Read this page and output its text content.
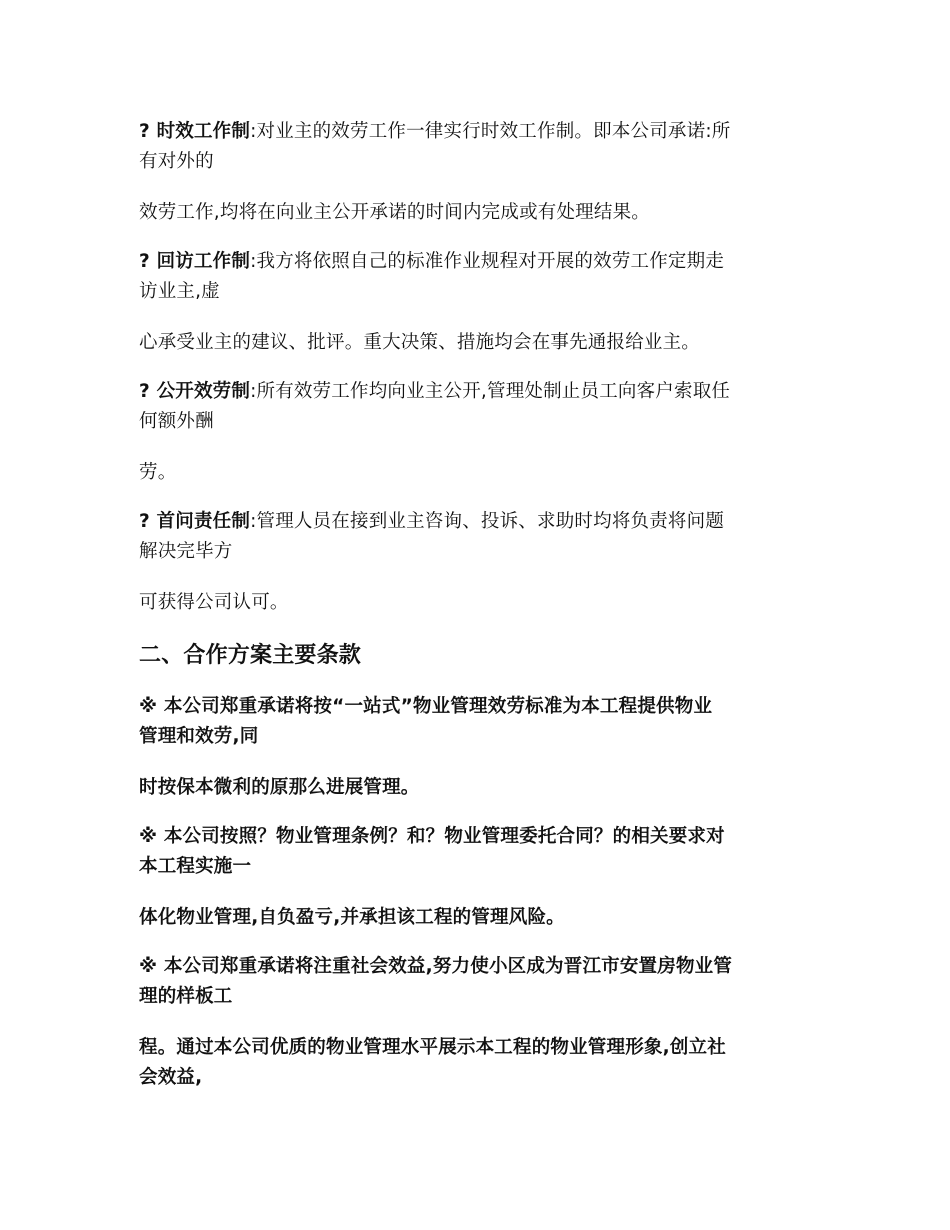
? 时效工作制:对业主的效劳工作一律实行时效工作制。即本公司承诺:所
有对外的
效劳工作,均将在向业主公开承诺的时间内完成或有处理结果。
? 回访工作制:我方将依照自己的标准作业规程对开展的效劳工作定期走
访业主,虚
心承受业主的建议、批评。重大决策、措施均会在事先通报给业主。
? 公开效劳制:所有效劳工作均向业主公开,管理处制止员工向客户索取任
何额外酬
劳。
? 首问责任制:管理人员在接到业主咨询、投诉、求助时均将负责将问题
解决完毕方
可获得公司认可。
二、合作方案主要条款
※ 本公司郑重承诺将按“一站式”物业管理效劳标准为本工程提供物业
管理和效劳,同
时按保本微利的原那么进展管理。
※ 本公司按照？物业管理条例？和？物业管理委托合同？的相关要求对
本工程实施一
体化物业管理,自负盈亏,并承担该工程的管理风险。
※ 本公司郑重承诺将注重社会效益,努力使小区成为晋江市安置房物业管
理的样板工
程。通过本公司优质的物业管理水平展示本工程的物业管理形象,创立社
会效益,
